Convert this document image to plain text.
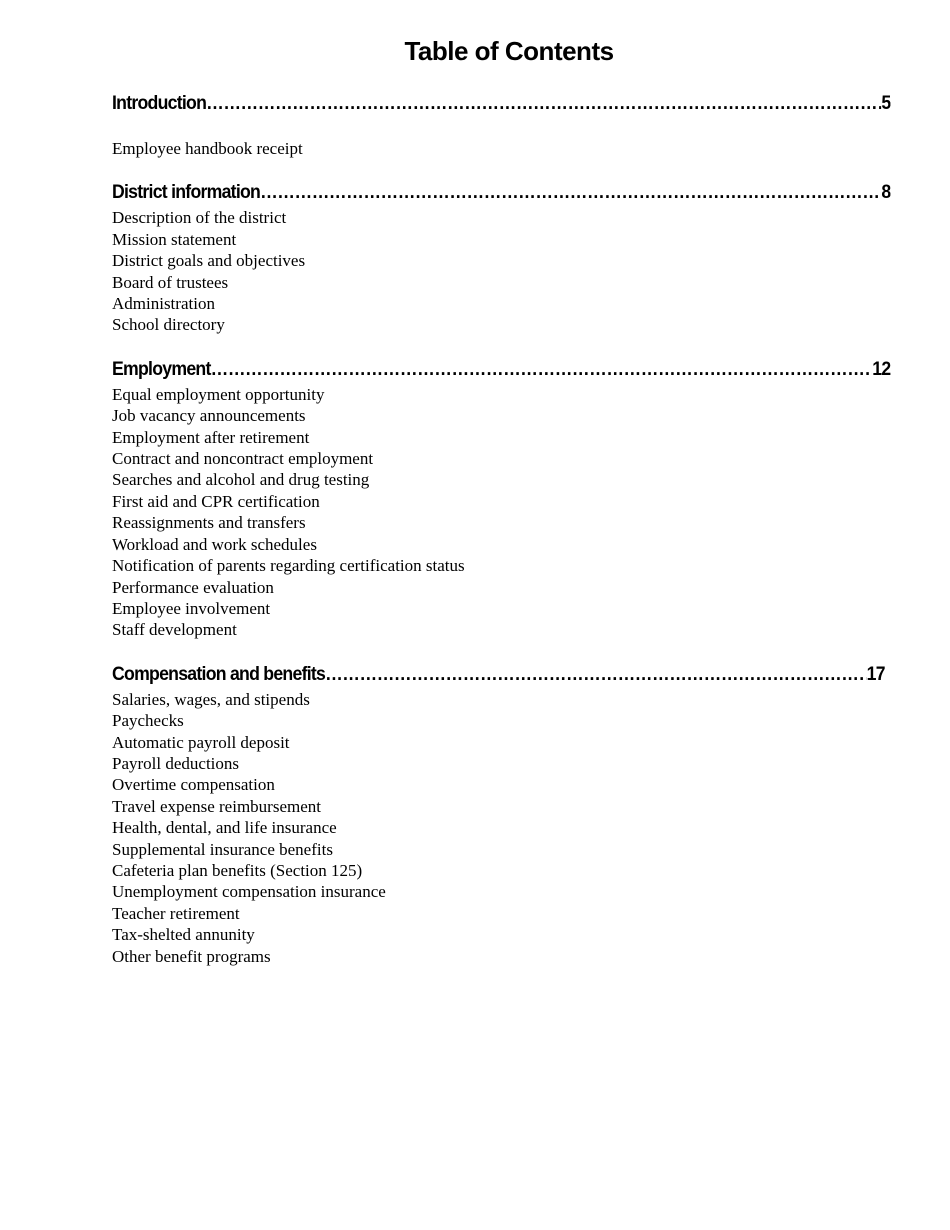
Table of Contents
Introduction ……………………………………………………………………………………………………………………………………………………………………………………………………………………	5
Employee handbook receipt
District information ……………………………………………………………………………………………………………………………………………………………………………………………………………………	8
Description of the district
Mission statement
District goals and objectives
Board of trustees
Administration
School directory
Employment ……………………………………………………………………………………………………………………………………………………………………………………………………………………	12
Equal employment opportunity
Job vacancy announcements
Employment after retirement
Contract and noncontract employment
Searches and alcohol and drug testing
First aid and CPR certification
Reassignments and transfers
Workload and work schedules
Notification of parents regarding certification status
Performance evaluation
Employee involvement
Staff development
Compensation and benefits ……………………………………………………………………………………………………………………………………………………………………………………………………………………	17
Salaries, wages, and stipends
Paychecks
Automatic payroll deposit
Payroll deductions
Overtime compensation
Travel expense reimbursement
Health, dental, and life insurance
Supplemental insurance benefits
Cafeteria plan benefits (Section 125)
Unemployment compensation insurance
Teacher retirement
Tax-shelted annunity
Other benefit programs
